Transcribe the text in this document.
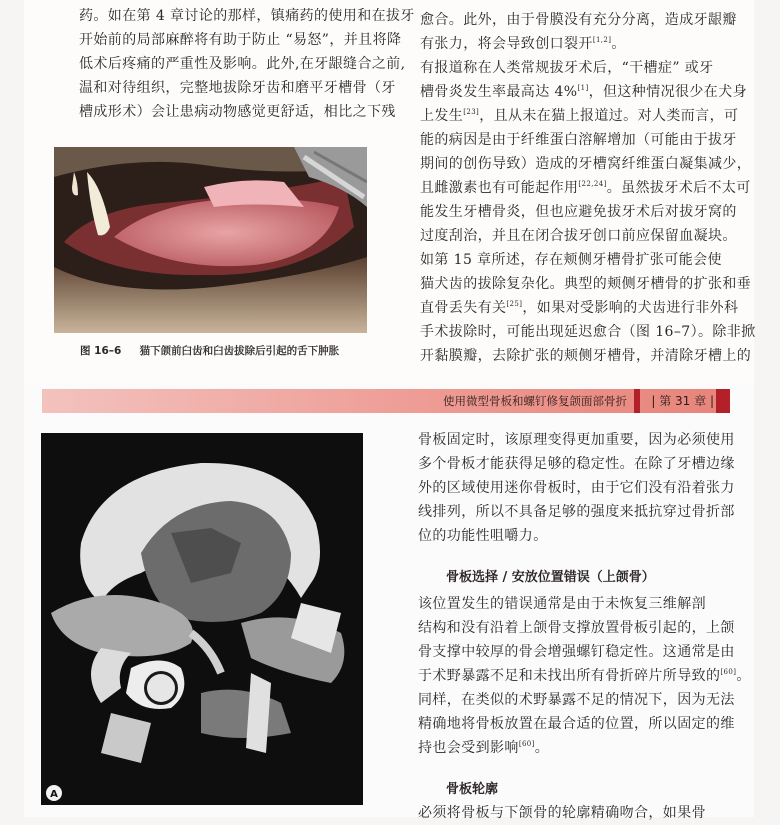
药。如在第 4 章讨论的那样，镇痛药的使用和在拔牙
开始前的局部麻醉将有助于防止 “易怒”，并且将降
低术后疼痛的严重性及影响。此外,在牙龈缝合之前,
温和对待组织，完整地拔除牙齿和磨平牙槽骨（牙
槽成形术）会让患病动物感觉更舒适，相比之下残
图 16–6 猫下颌前臼齿和臼齿拔除后引起的舌下肿胀
愈合。此外，由于骨膜没有充分分离，造成牙龈瓣
有张力，将会导致创口裂开[1,2]。
有报道称在人类常规拔牙术后，“干槽症” 或牙
槽骨炎发生率最高达 4%[1]，但这种情况很少在犬身
上发生[23]，且从未在猫上报道过。对人类而言，可
能的病因是由于纤维蛋白溶解增加（可能由于拔牙
期间的创伤导致）造成的牙槽窝纤维蛋白凝集减少，
且雌激素也有可能起作用[22,24]。虽然拔牙术后不太可
能发生牙槽骨炎，但也应避免拔牙术后对拔牙窝的
过度刮治，并且在闭合拔牙创口前应保留血凝块。
如第 15 章所述，存在颊侧牙槽骨扩张可能会使
猫犬齿的拔除复杂化。典型的颊侧牙槽骨的扩张和垂
直骨丢失有关[25]，如果对受影响的犬齿进行非外科
手术拔除时，可能出现延迟愈合（图 16–7）。除非掀
开黏膜瓣，去除扩张的颊侧牙槽骨，并清除牙槽上的
使用微型骨板和螺钉修复颌面部骨折 | 第 31 章 |
A
骨板固定时，该原理变得更加重要，因为必须使用
多个骨板才能获得足够的稳定性。在除了牙槽边缘
外的区域使用迷你骨板时，由于它们没有沿着张力
线排列，所以不具备足够的强度来抵抗穿过骨折部
位的功能性咀嚼力。
骨板选择 / 安放位置错误（上颌骨）
该位置发生的错误通常是由于未恢复三维解剖
结构和没有沿着上颌骨支撑放置骨板引起的，上颌
骨支撑中较厚的骨会增强螺钉稳定性。这通常是由
于术野暴露不足和未找出所有骨折碎片所导致的[60]。
同样，在类似的术野暴露不足的情况下，因为无法
精确地将骨板放置在最合适的位置，所以固定的维
持也会受到影响[60]。
骨板轮廓
必须将骨板与下颌骨的轮廓精确吻合，如果骨
